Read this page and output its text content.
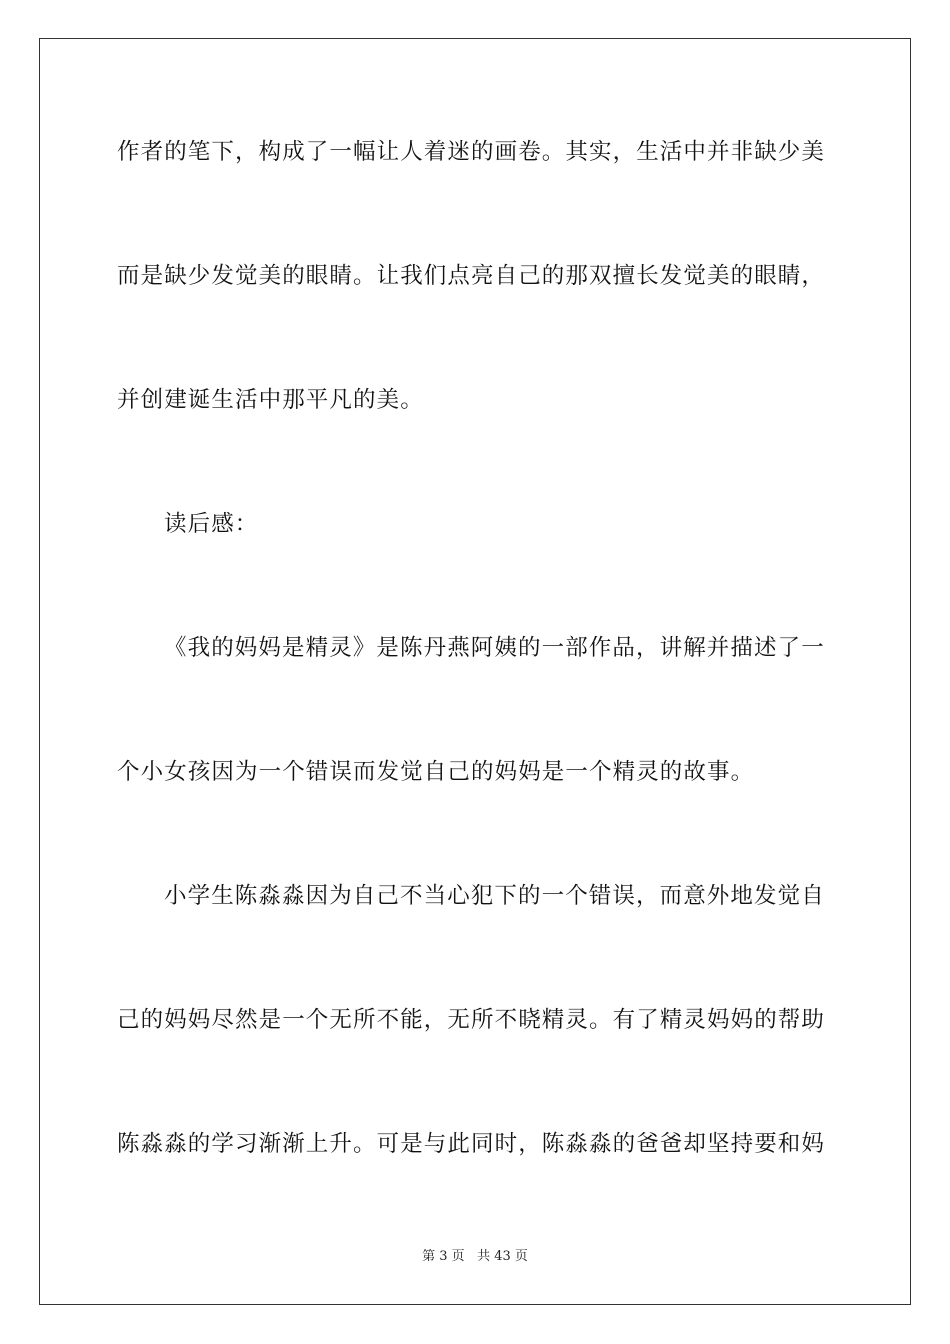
作者的笔下，构成了一幅让人着迷的画卷。其实，生活中并非缺少美
而是缺少发觉美的眼睛。让我们点亮自己的那双擅长发觉美的眼睛，
并创建诞生活中那平凡的美。
读后感：
《我的妈妈是精灵》是陈丹燕阿姨的一部作品，讲解并描述了一
个小女孩因为一个错误而发觉自己的妈妈是一个精灵的故事。
小学生陈淼淼因为自己不当心犯下的一个错误，而意外地发觉自
己的妈妈尽然是一个无所不能，无所不晓精灵。有了精灵妈妈的帮助
陈淼淼的学习渐渐上升。可是与此同时，陈淼淼的爸爸却坚持要和妈
第 3 页 共 43 页
